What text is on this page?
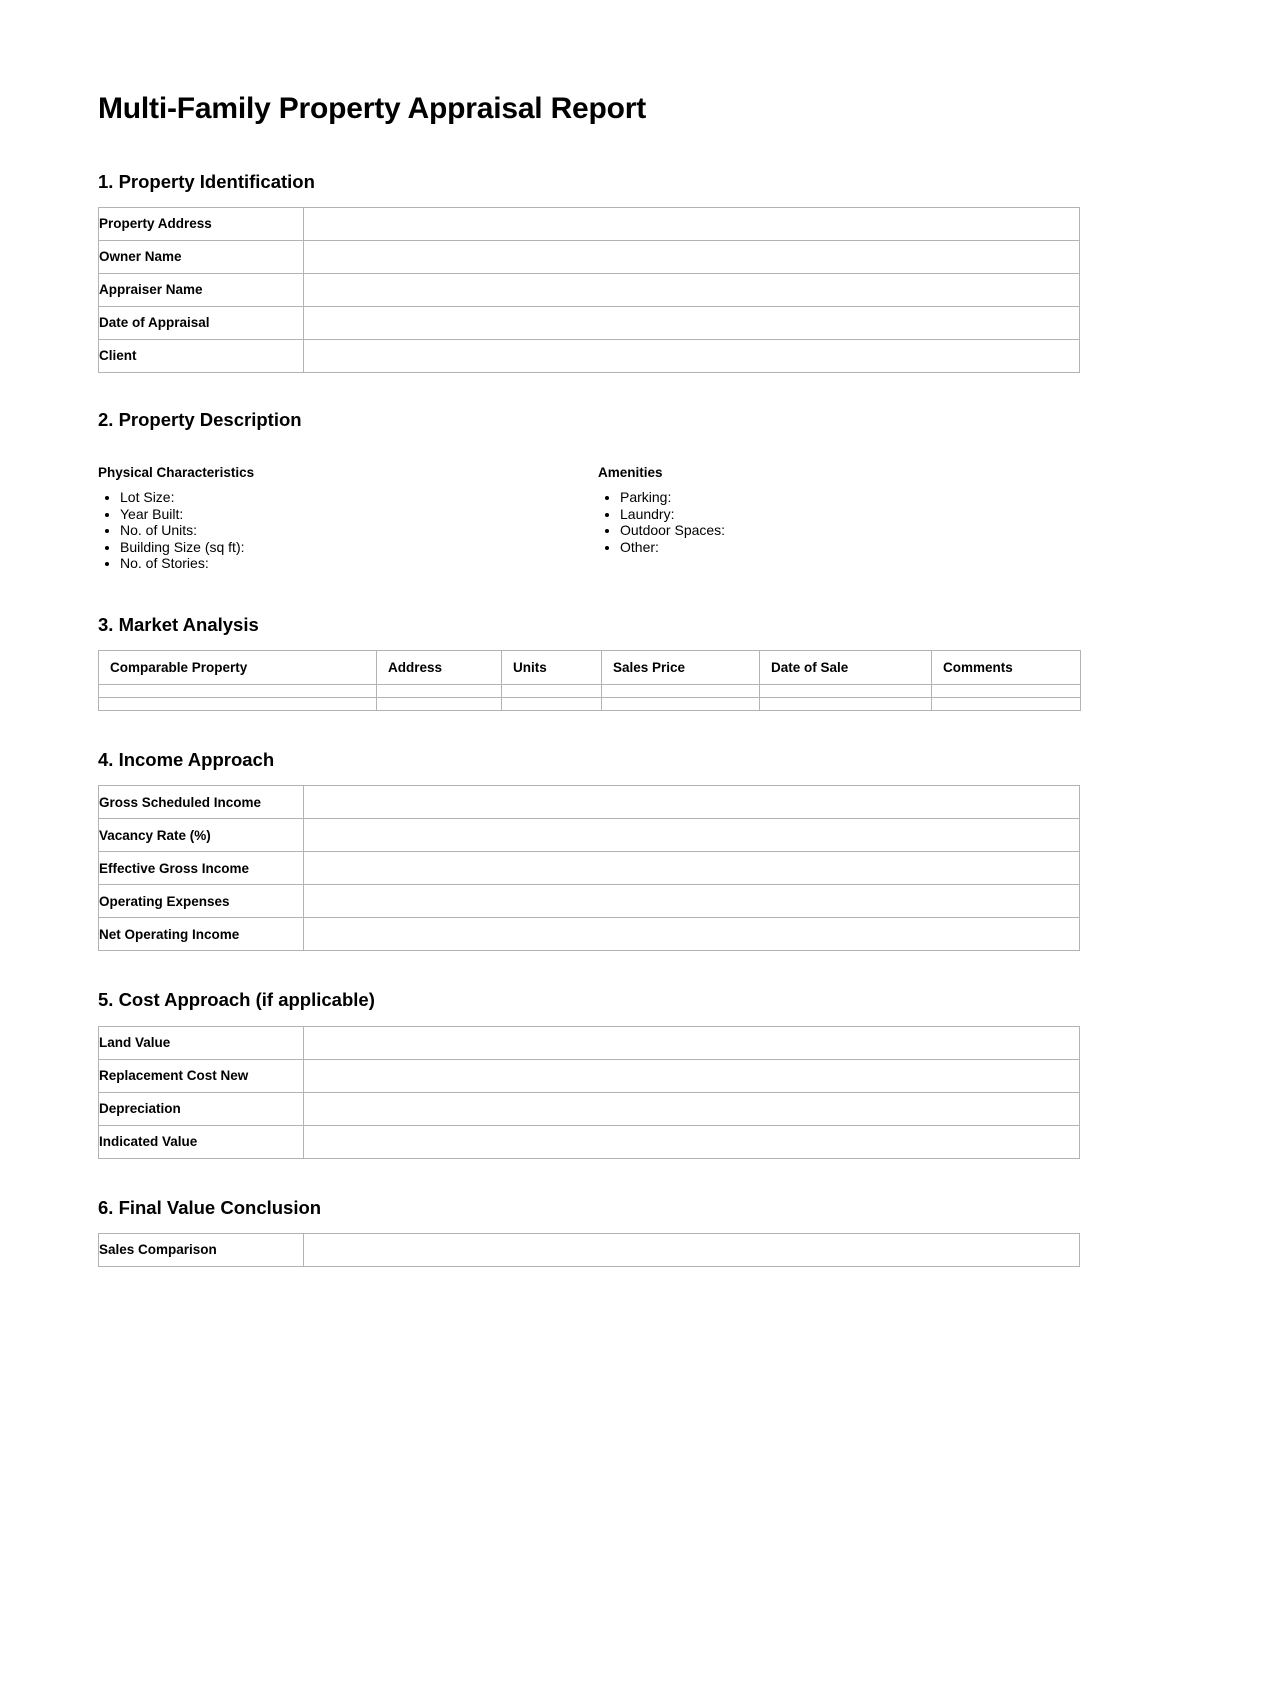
Multi-Family Property Appraisal Report
1. Property Identification
Property Address	
Owner Name	
Appraiser Name	
Date of Appraisal	
Client	
2. Property Description

Physical Characteristics

• Lot Size:
• Year Built:
• No. of Units:
• Building Size (sq ft):
• No. of Stories:

Amenities

• Parking:
• Laundry:
• Outdoor Spaces:
• Other:
3. Market Analysis
Comparable Property	Address	Units	Sales Price	Date of Sale	Comments

4. Income Approach
Gross Scheduled Income	
Vacancy Rate (%)	
Effective Gross Income	
Operating Expenses	
Net Operating Income	
5. Cost Approach (if applicable)
Land Value	
Replacement Cost New	
Depreciation	
Indicated Value	
6. Final Value Conclusion
Sales Comparison	
